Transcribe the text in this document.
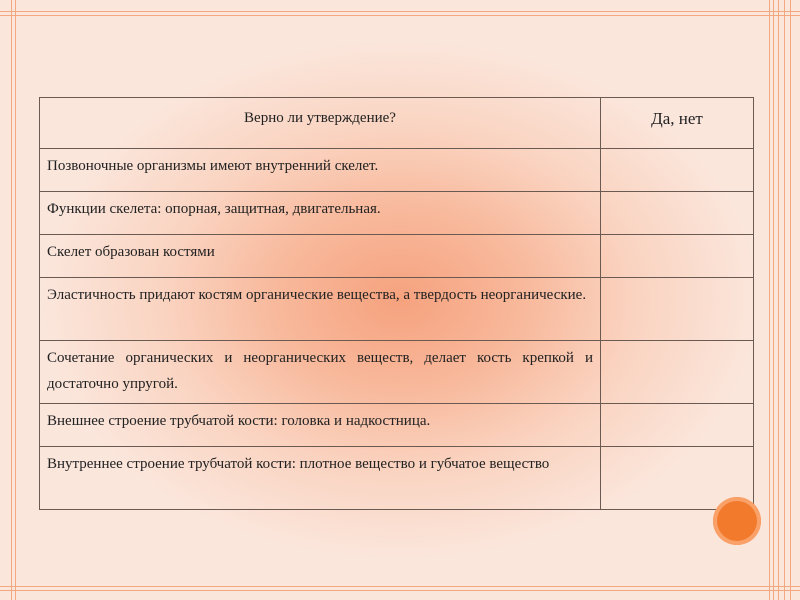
Верно ли утверждение?	Да, нет
Позвоночные организмы имеют внутренний скелет.	
Функции скелета: опорная, защитная, двигательная.	
Скелет образован костями	
Эластичность придают костям органические вещества, а твердость неорганические.	
Сочетание органических и неорганических веществ, делает кость крепкой и достаточно упругой.	
Внешнее строение трубчатой кости: головка и надкостница.	
Внутреннее строение трубчатой кости: плотное вещество и губчатое вещество	
